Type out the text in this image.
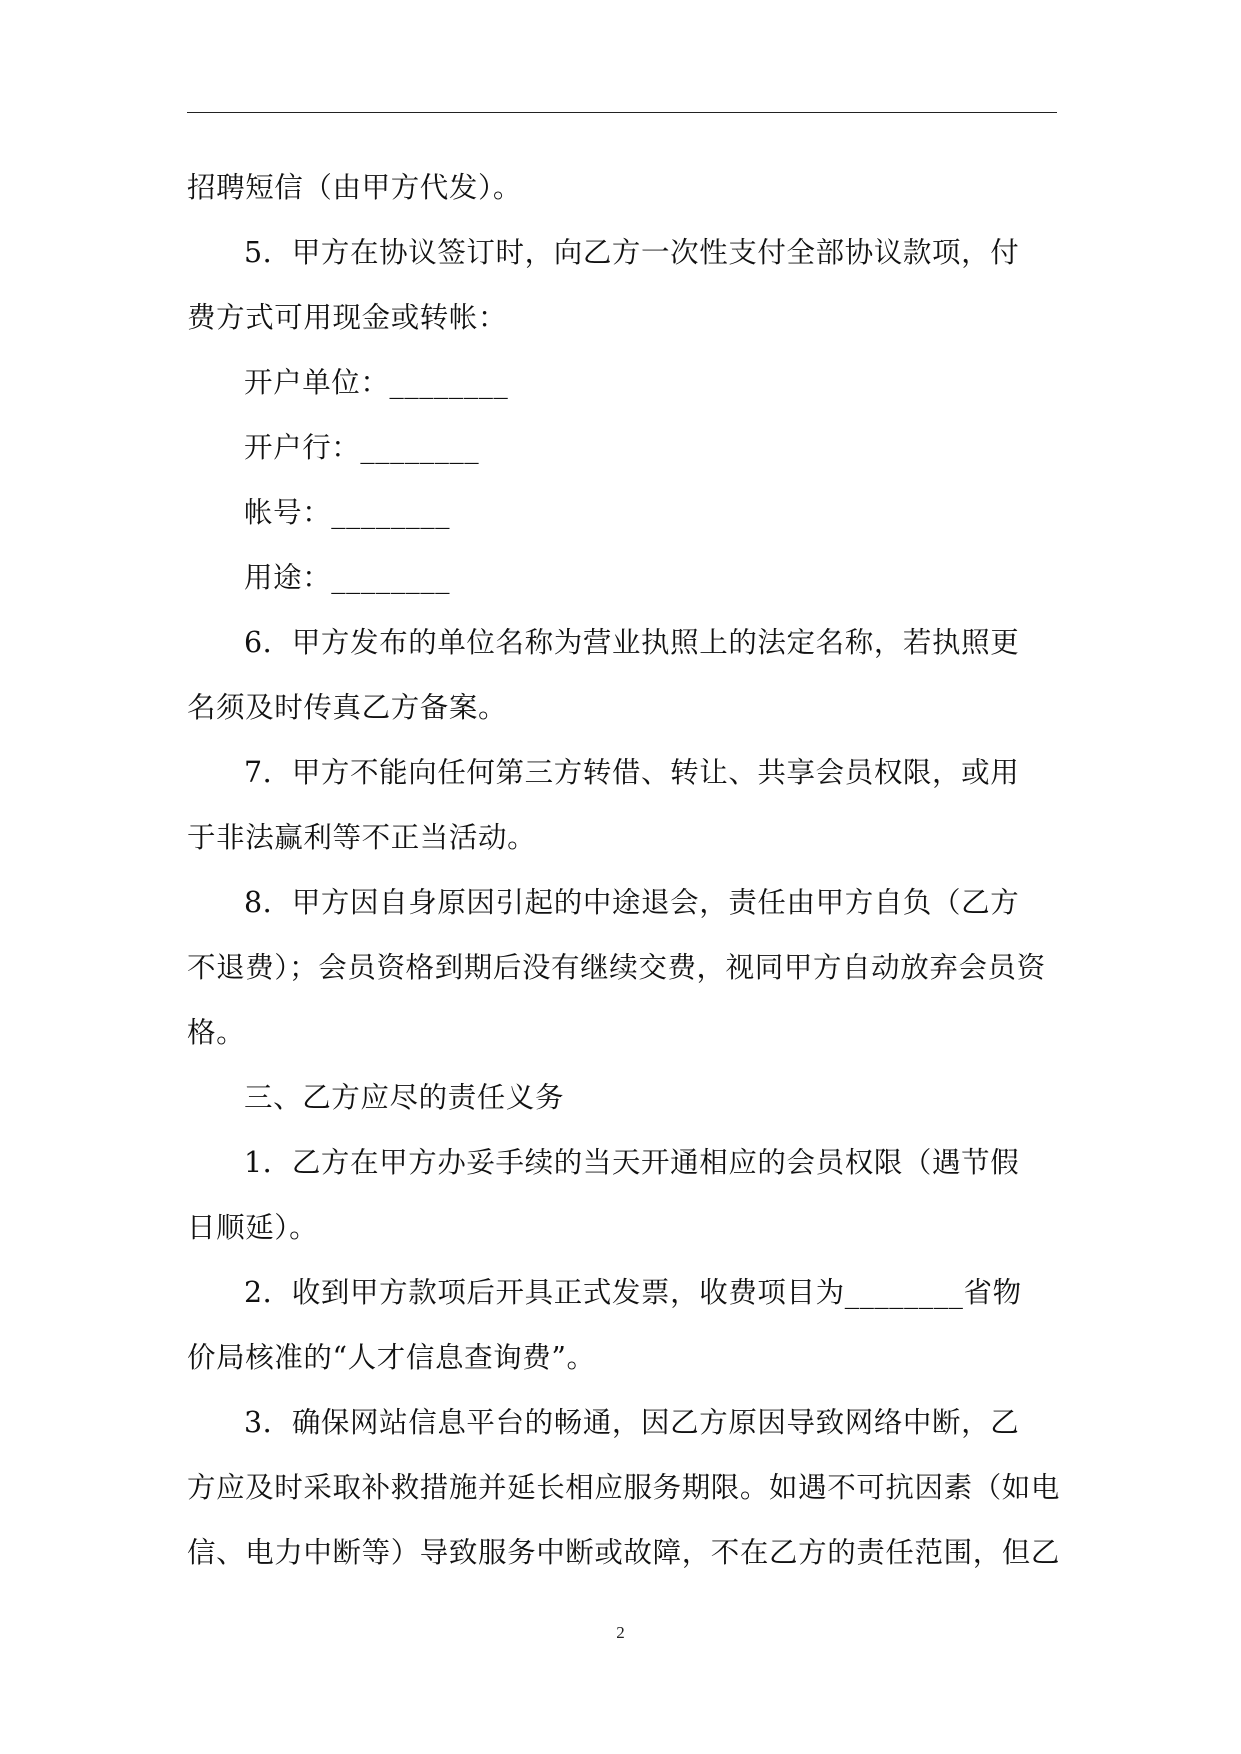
招聘短信（由甲方代发）。

5．甲方在协议签订时，向乙方一次性支付全部协议款项，付

费方式可用现金或转帐：

开户单位：________

开户行：________

帐号：________

用途：________

6．甲方发布的单位名称为营业执照上的法定名称，若执照更

名须及时传真乙方备案。

7．甲方不能向任何第三方转借、转让、共享会员权限，或用

于非法赢利等不正当活动。

8．甲方因自身原因引起的中途退会，责任由甲方自负（乙方

不退费）；会员资格到期后没有继续交费，视同甲方自动放弃会员资

格。

三、乙方应尽的责任义务

1．乙方在甲方办妥手续的当天开通相应的会员权限（遇节假

日顺延）。

2．收到甲方款项后开具正式发票，收费项目为________省物

价局核准的“人才信息查询费”。

3．确保网站信息平台的畅通，因乙方原因导致网络中断，乙

方应及时采取补救措施并延长相应服务期限。如遇不可抗因素（如电

信、电力中断等）导致服务中断或故障，不在乙方的责任范围，但乙

2
